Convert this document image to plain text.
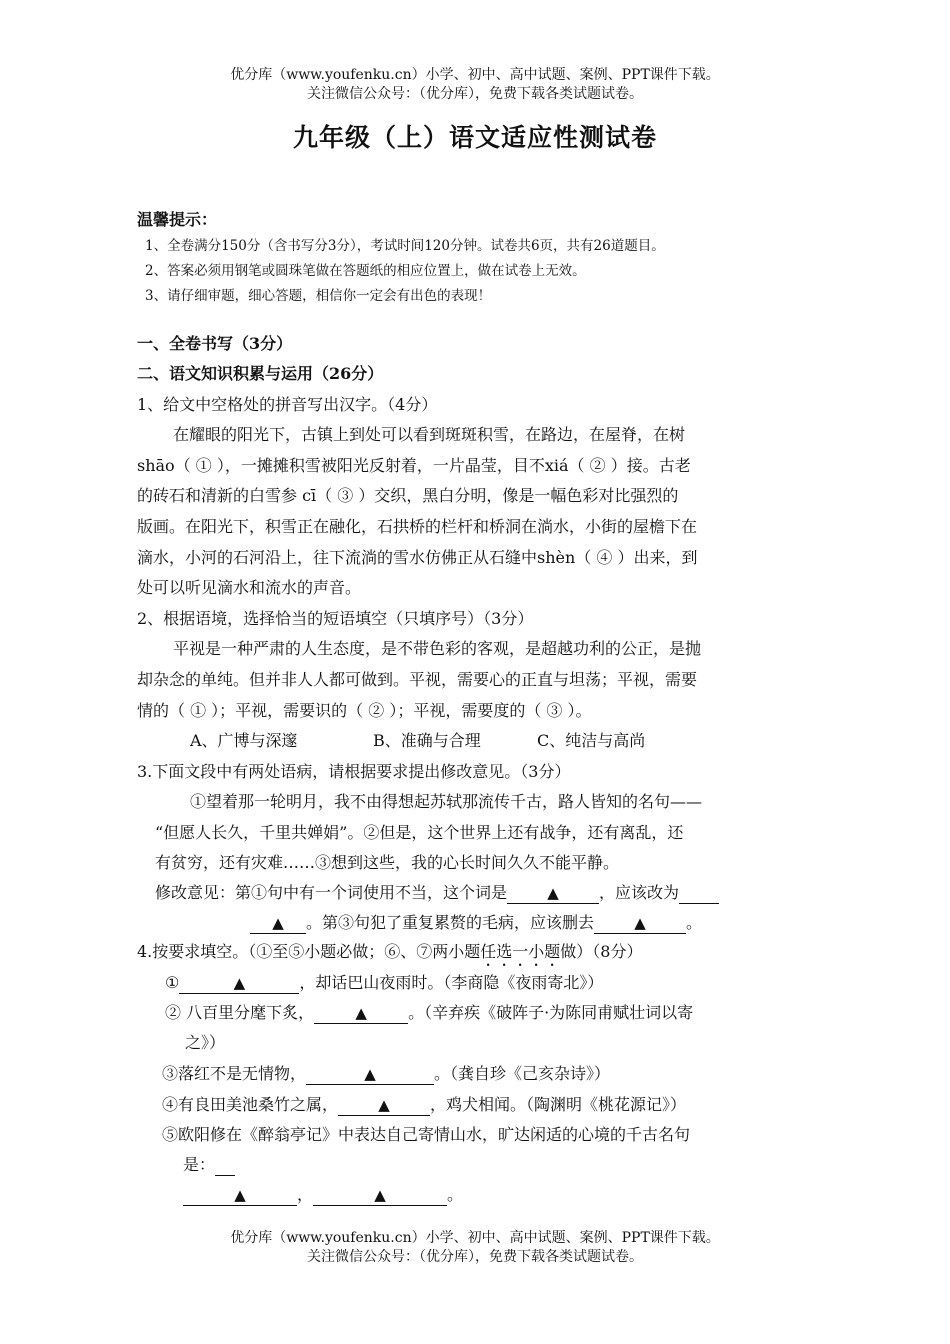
优分库（www.youfenku.cn）小学、初中、高中试题、案例、PPT课件下载。
关注微信公众号：（优分库），免费下载各类试题试卷。
九年级（上）语文适应性测试卷
温馨提示：
1、全卷满分150分（含书写分3分），考试时间120分钟。试卷共6页，共有26道题目。
2、答案必须用钢笔或圆珠笔做在答题纸的相应位置上，做在试卷上无效。
3、请仔细审题，细心答题，相信你一定会有出色的表现！
一、全卷书写（3分）
二、语文知识积累与运用（26分）
1、给文中空格处的拼音写出汉字。（4分）
在耀眼的阳光下，古镇上到处可以看到斑斑积雪，在路边，在屋脊，在树
shāo（ ① ），一摊摊积雪被阳光反射着，一片晶莹，目不xiá（ ② ）接。古老
的砖石和清新的白雪参 cī（ ③ ）交织，黑白分明，像是一幅色彩对比强烈的
版画。在阳光下，积雪正在融化，石拱桥的栏杆和桥洞在淌水，小街的屋檐下在
滴水，小河的石河沿上，往下流淌的雪水仿佛正从石缝中shèn（ ④ ）出来，到
处可以听见滴水和流水的声音。
2、根据语境，选择恰当的短语填空（只填序号）（3分）
平视是一种严肃的人生态度，是不带色彩的客观，是超越功利的公正，是抛
却杂念的单纯。但并非人人都可做到。平视，需要心的正直与坦荡；平视，需要
情的（ ① ）；平视，需要识的（ ② ）；平视，需要度的（ ③ ）。
A、广博与深邃	B、准确与合理	C、纯洁与高尚
3.下面文段中有两处语病，请根据要求提出修改意见。（3分）
①望着那一轮明月，我不由得想起苏轼那流传千古，路人皆知的名句——
“但愿人长久，千里共婵娟”。②但是，这个世界上还有战争，还有离乱，还
有贫穷，还有灾难……③想到这些，我的心长时间久久不能平静。
修改意见：第①句中有一个词使用不当，这个词是	▲	，应该改为
▲ 。第③句犯了重复累赘的毛病，应该删去	▲	。
4.按要求填空。（①至⑤小题必做；⑥、⑦两小题任选一小题做）（8分）
①	▲	，却话巴山夜雨时。（李商隐《夜雨寄北》）
② 八百里分麾下炙，	▲	。（辛弃疾《破阵子·为陈同甫赋壮词以寄
之》）
③落红不是无情物，	▲	。（龚自珍《己亥杂诗》）
④有良田美池桑竹之属，	▲	，鸡犬相闻。（陶渊明《桃花源记》）
⑤欧阳修在《醉翁亭记》中表达自己寄情山水，旷达闲适的心境的千古名句
是：
▲	，	▲	。
优分库（www.youfenku.cn）小学、初中、高中试题、案例、PPT课件下载。
关注微信公众号：（优分库），免费下载各类试题试卷。
